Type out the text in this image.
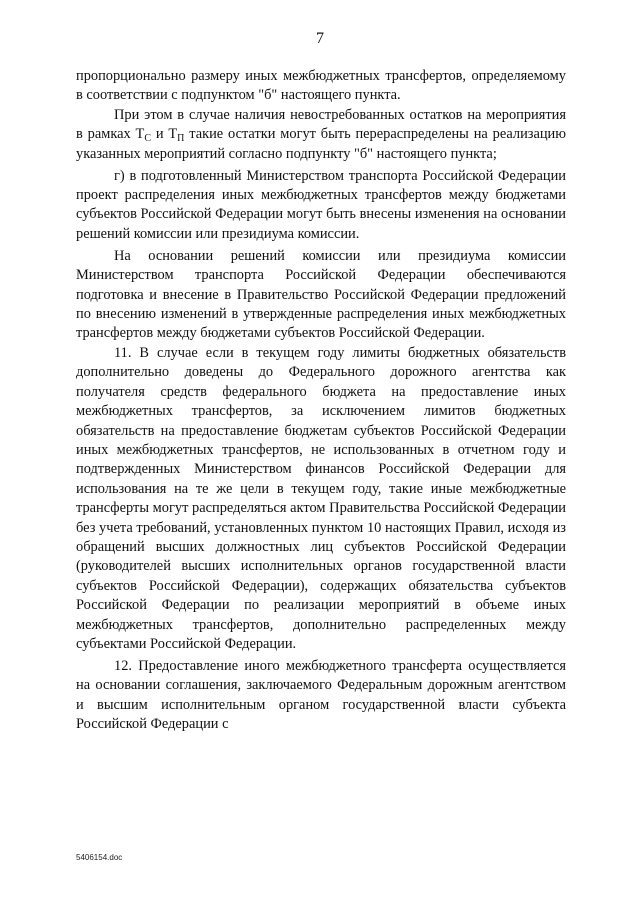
7

пропорционально размеру иных межбюджетных трансфертов, определяемому в соответствии с подпунктом "б" настоящего пункта.

При этом в случае наличия невостребованных остатков на мероприятия в рамках $Т_С$ и $Т_П$ такие остатки могут быть перераспределены на реализацию указанных мероприятий согласно подпункту "б" настоящего пункта;

г) в подготовленный Министерством транспорта Российской Федерации проект распределения иных межбюджетных трансфертов между бюджетами субъектов Российской Федерации могут быть внесены изменения на основании решений комиссии или президиума комиссии.

На основании решений комиссии или президиума комиссии Министерством транспорта Российской Федерации обеспечиваются подготовка и внесение в Правительство Российской Федерации предложений по внесению изменений в утвержденные распределения иных межбюджетных трансфертов между бюджетами субъектов Российской Федерации.

11. В случае если в текущем году лимиты бюджетных обязательств дополнительно доведены до Федерального дорожного агентства как получателя средств федерального бюджета на предоставление иных межбюджетных трансфертов, за исключением лимитов бюджетных обязательств на предоставление бюджетам субъектов Российской Федерации иных межбюджетных трансфертов, не использованных в отчетном году и подтвержденных Министерством финансов Российской Федерации для использования на те же цели в текущем году, такие иные межбюджетные трансферты могут распределяться актом Правительства Российской Федерации без учета требований, установленных пунктом 10 настоящих Правил, исходя из обращений высших должностных лиц субъектов Российской Федерации (руководителей высших исполнительных органов государственной власти субъектов Российской Федерации), содержащих обязательства субъектов Российской Федерации по реализации мероприятий в объеме иных межбюджетных трансфертов, дополнительно распределенных между субъектами Российской Федерации.

12. Предоставление иного межбюджетного трансферта осуществляется на основании соглашения, заключаемого Федеральным дорожным агентством и высшим исполнительным органом государственной власти субъекта Российской Федерации с

5406154.doc
